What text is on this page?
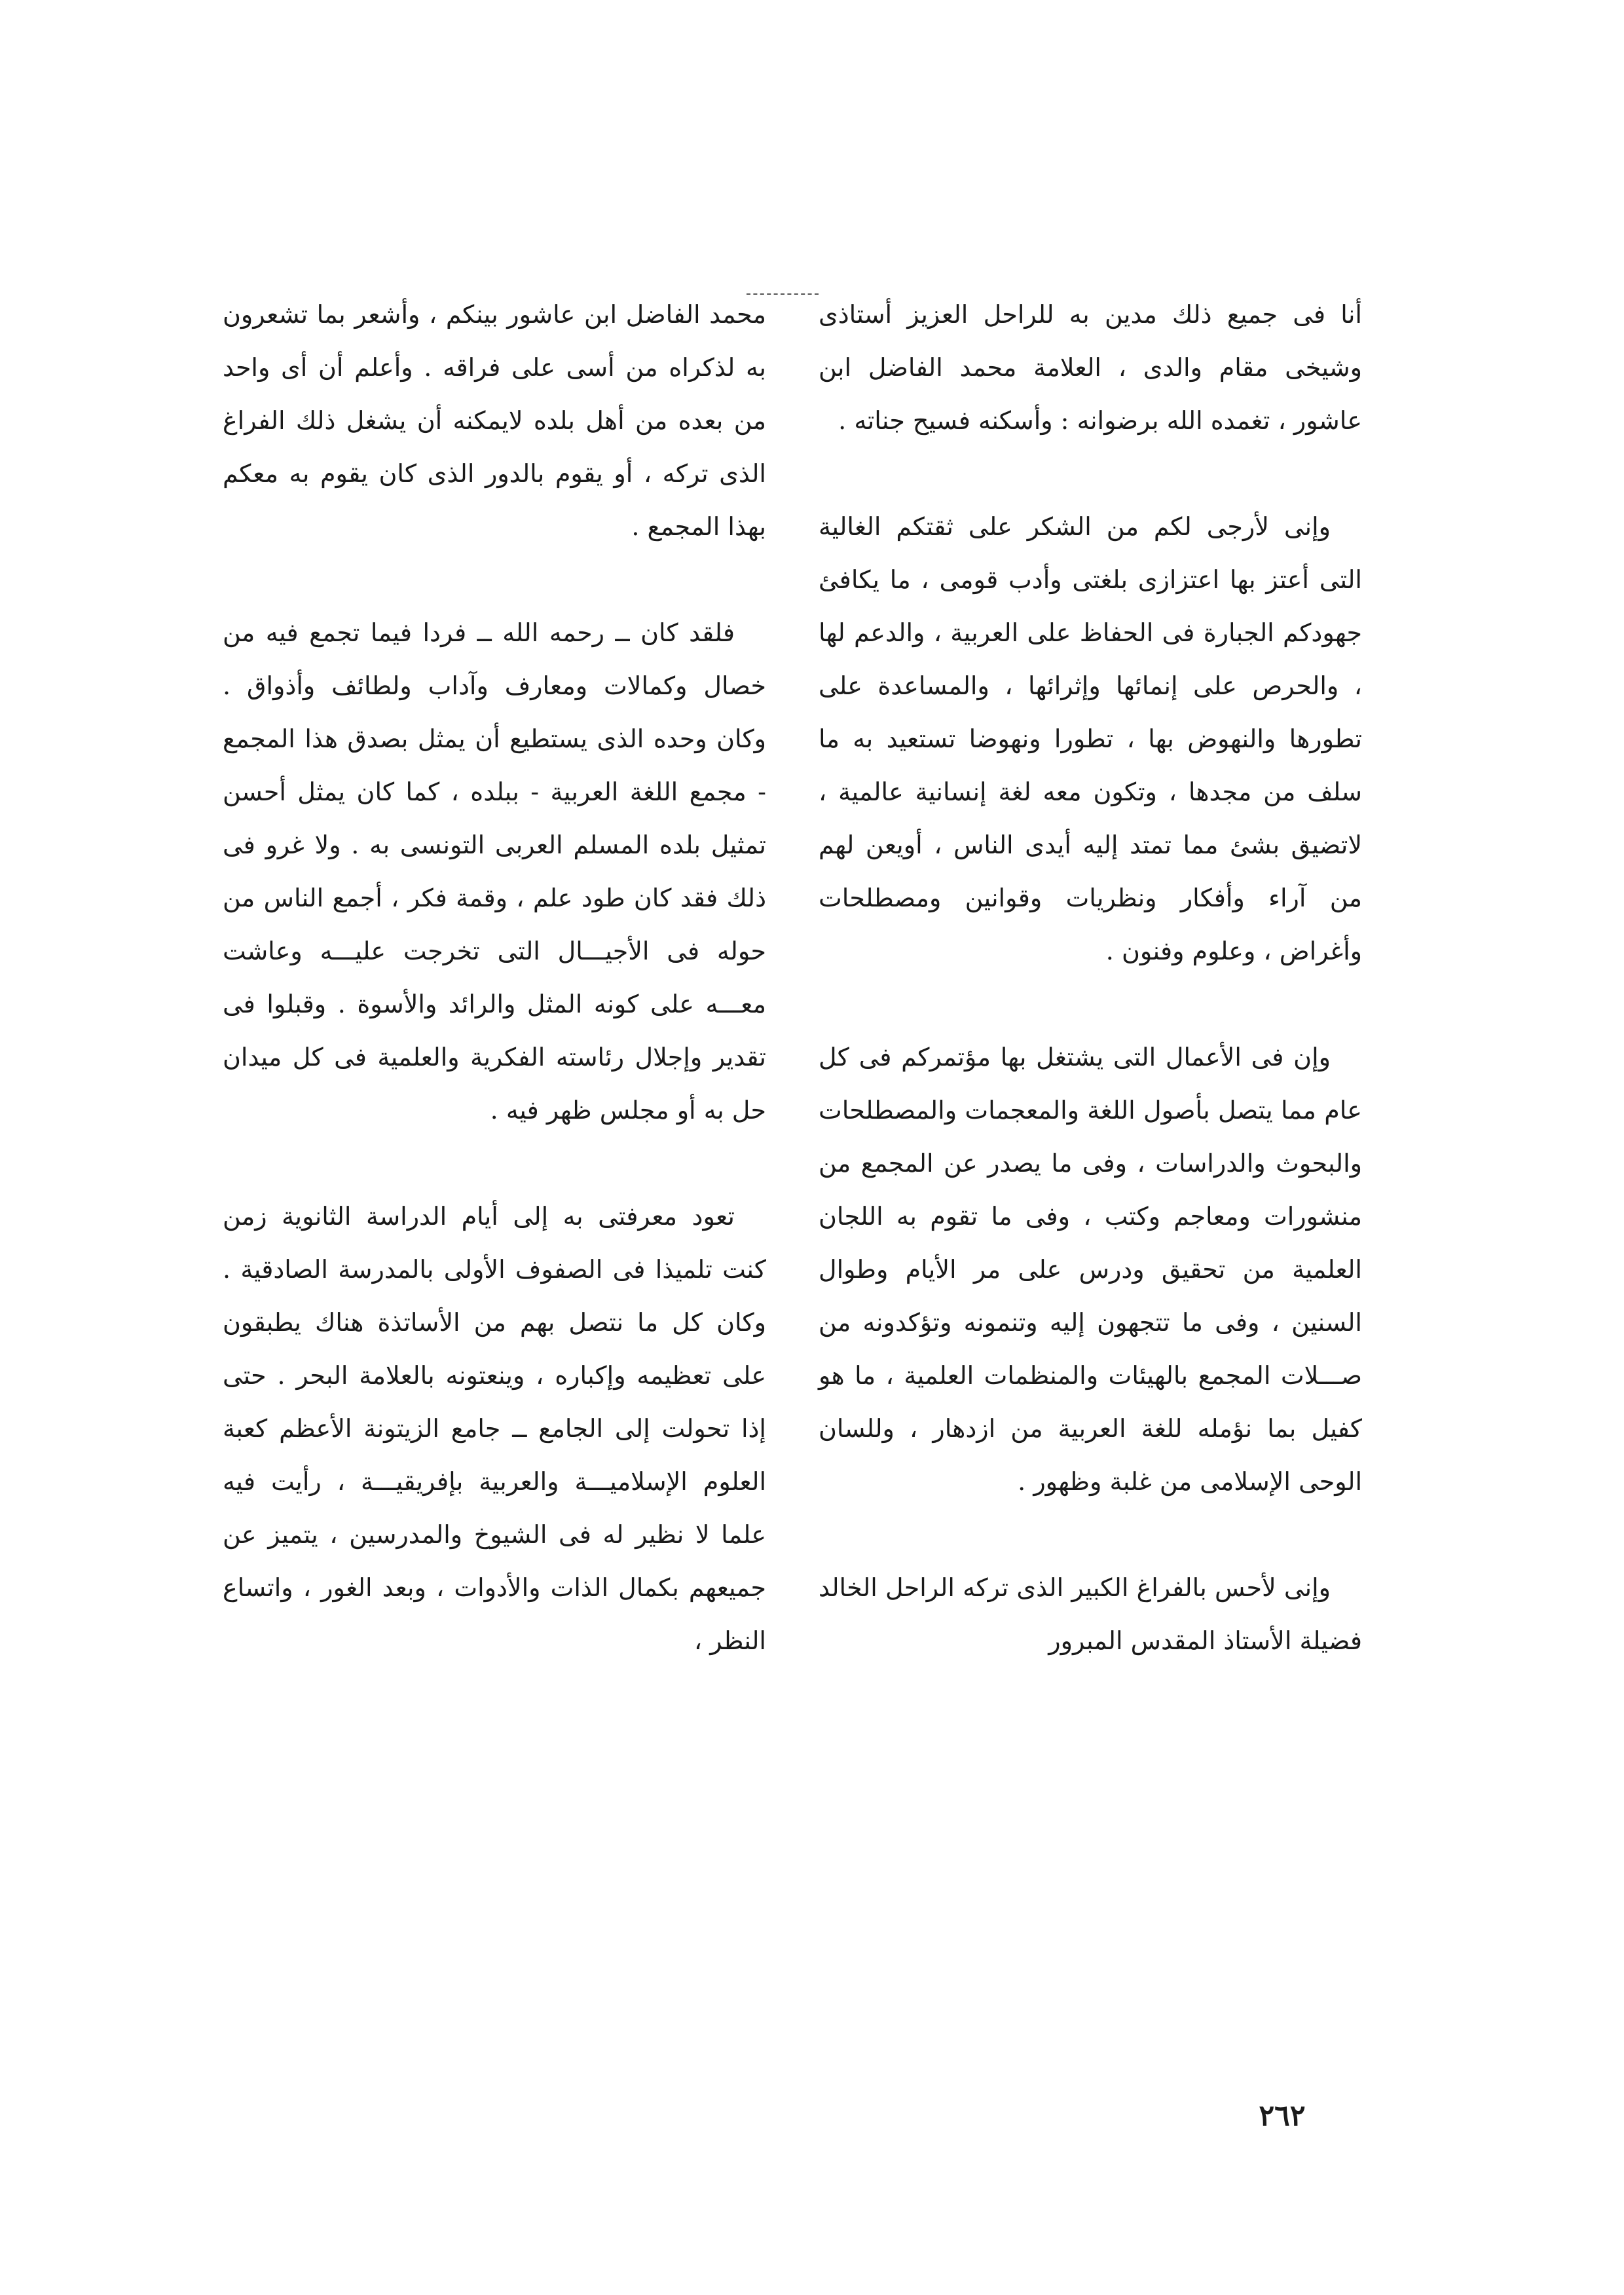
أنا فى جميع ذلك مدين به للراحل العزيز أستاذى وشيخى مقام والدى ، العلامة محمد الفاضل ابن عاشور ، تغمده الله برضوانه : وأسكنه فسيح جناته .

وإنى لأرجى لكم من الشكر على ثقتكم الغالية التى أعتز بها اعتزازى بلغتى وأدب قومى ، ما يكافئ جهودكم الجبارة فى الحفاظ على العربية ، والدعم لها ، والحرص على إنمائها وإثرائها ، والمساعدة على تطورها والنهوض بها ، تطورا ونهوضا تستعيد به ما سلف من مجدها ، وتكون معه لغة إنسانية عالمية ، لاتضيق بشئ مما تمتد إليه أيدى الناس ، أويعن لهم من آراء وأفكار ونظريات وقوانين ومصطلحات وأغراض ، وعلوم وفنون .

وإن فى الأعمال التى يشتغل بها مؤتمركم فى كل عام مما يتصل بأصول اللغة والمعجمات والمصطلحات والبحوث والدراسات ، وفى ما يصدر عن المجمع من منشورات ومعاجم وكتب ، وفى ما تقوم به اللجان العلمية من تحقيق ودرس على مر الأيام وطوال السنين ، وفى ما تتجهون إليه وتنمونه وتؤكدونه من صـــلات المجمع بالهيئات والمنظمات العلمية ، ما هو كفيل بما نؤمله للغة العربية من ازدهار ، وللسان الوحى الإسلامى من غلبة وظهور .

وإنى لأحس بالفراغ الكبير الذى تركه الراحل الخالد فضيلة الأستاذ المقدس المبرور

محمد الفاضل ابن عاشور بينكم ، وأشعر بما تشعرون به لذكراه من أسى على فراقه . وأعلم أن أى واحد من بعده من أهل بلده لايمكنه أن يشغل ذلك الفراغ الذى تركه ، أو يقوم بالدور الذى كان يقوم به معكم بهذا المجمع .

فلقد كان ــ رحمه الله ــ فردا فيما تجمع فيه من خصال وكمالات ومعارف وآداب ولطائف وأذواق . وكان وحده الذى يستطيع أن يمثل بصدق هذا المجمع - مجمع اللغة العربية - ببلده ، كما كان يمثل أحسن تمثيل بلده المسلم العربى التونسى به . ولا غرو فى ذلك فقد كان طود علم ، وقمة فكر ، أجمع الناس من حوله فى الأجيـــال التى تخرجت عليـــه وعاشت معـــه على كونه المثل والرائد والأسوة . وقبلوا فى تقدير وإجلال رئاسته الفكرية والعلمية فى كل ميدان حل به أو مجلس ظهر فيه .

تعود معرفتى به إلى أيام الدراسة الثانوية زمن كنت تلميذا فى الصفوف الأولى بالمدرسة الصادقية . وكان كل ما نتصل بهم من الأساتذة هناك يطبقون على تعظيمه وإكباره ، وينعتونه بالعلامة البحر . حتى إذا تحولت إلى الجامع ــ جامع الزيتونة الأعظم كعبة العلوم الإسلاميـــة والعربية بإفريقيـــة ، رأيت فيه علما لا نظير له فى الشيوخ والمدرسين ، يتميز عن جميعهم بكمال الذات والأدوات ، وبعد الغور ، واتساع النظر ،

٢٦٢
